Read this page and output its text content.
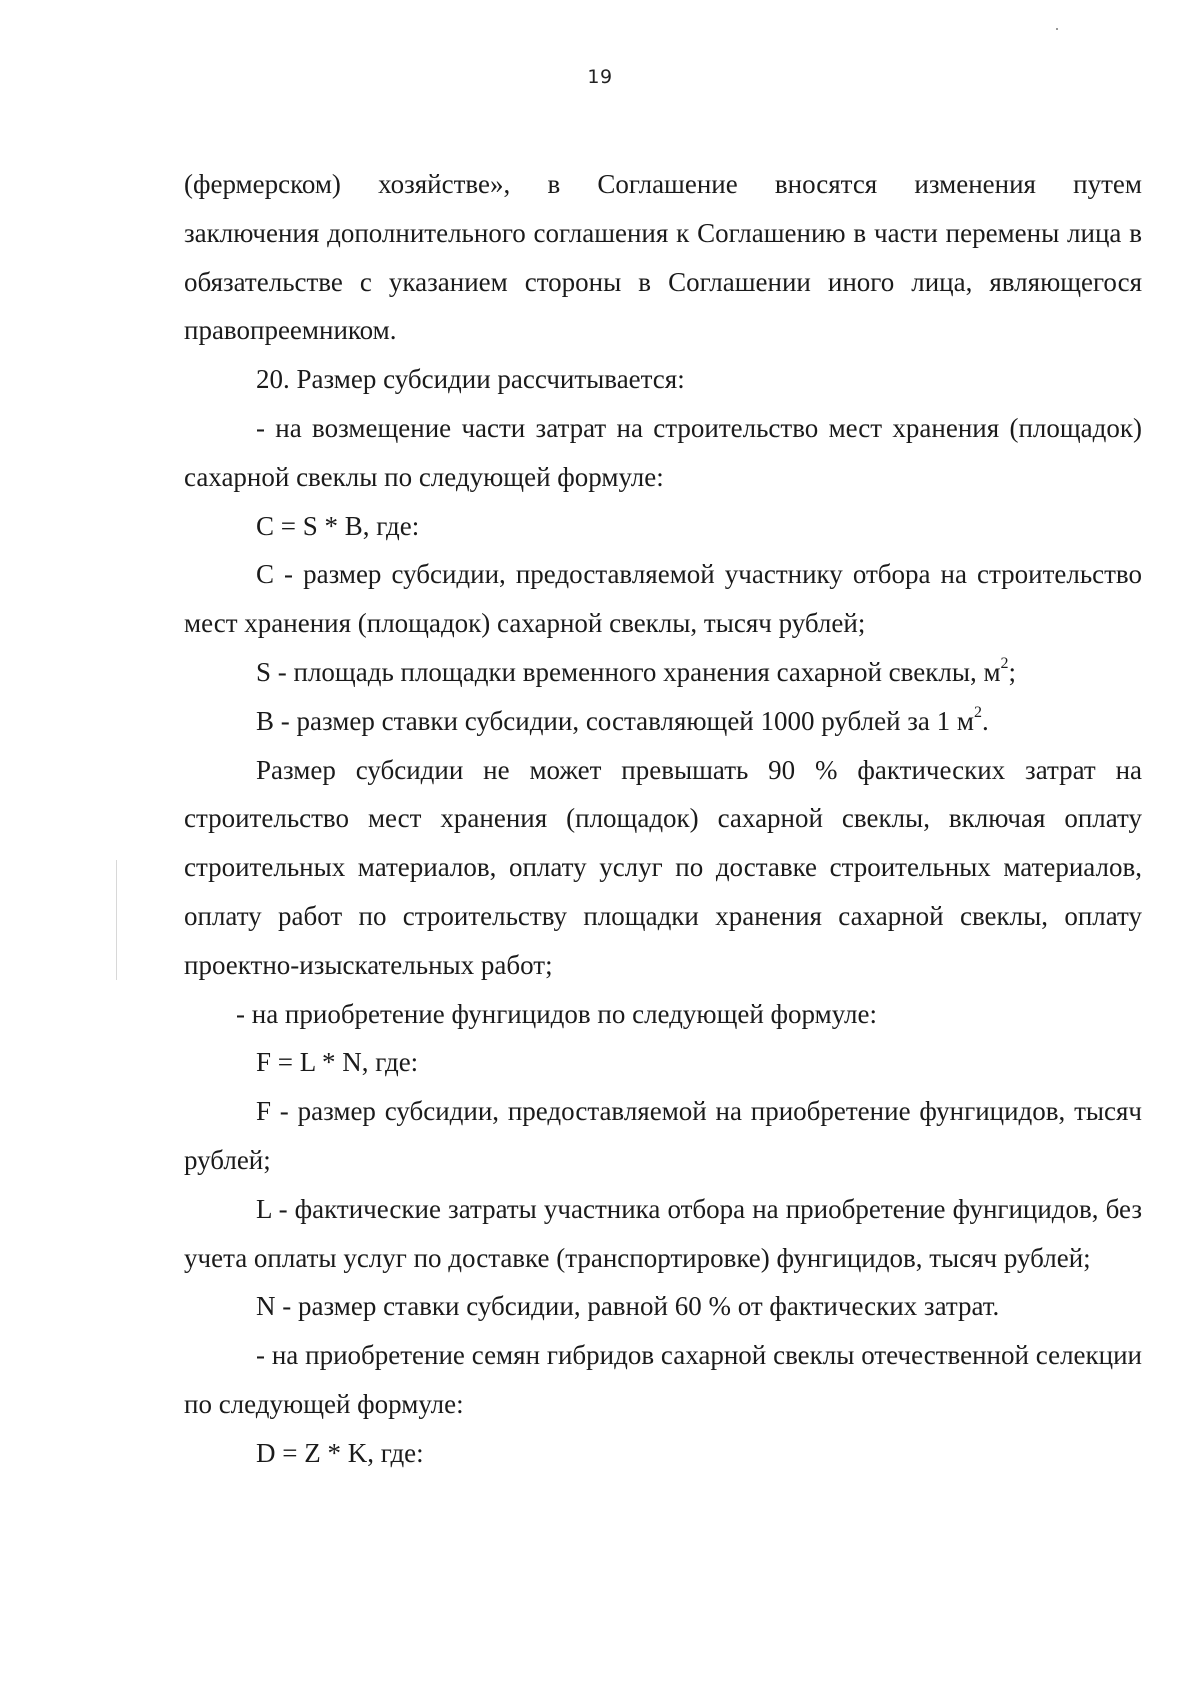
19

(фермерском) хозяйстве», в Соглашение вносятся изменения путем

заключения дополнительного соглашения к Соглашению в части перемены лица в обязательстве с указанием стороны в Соглашении иного лица, являющегося правопреемником.

20. Размер субсидии рассчитывается:

- на возмещение части затрат на строительство мест хранения (площадок) сахарной свеклы по следующей формуле:

C = S * B, где:

C - размер субсидии, предоставляемой участнику отбора на строительство мест хранения (площадок) сахарной свеклы, тысяч рублей;

S - площадь площадки временного хранения сахарной свеклы, $м^2$;

B - размер ставки субсидии, составляющей 1000 рублей за 1 $м^2$.

Размер субсидии не может превышать 90 % фактических затрат на строительство мест хранения (площадок) сахарной свеклы, включая оплату строительных материалов, оплату услуг по доставке строительных материалов, оплату работ по строительству площадки хранения сахарной свеклы, оплату проектно-изыскательных работ;

- на приобретение фунгицидов по следующей формуле:

F = L * N, где:

F - размер субсидии, предоставляемой на приобретение фунгицидов, тысяч рублей;

L - фактические затраты участника отбора на приобретение фунгицидов, без учета оплаты услуг по доставке (транспортировке) фунгицидов, тысяч рублей;

N - размер ставки субсидии, равной 60 % от фактических затрат.

- на приобретение семян гибридов сахарной свеклы отечественной селекции по следующей формуле:

D = Z * K, где:
